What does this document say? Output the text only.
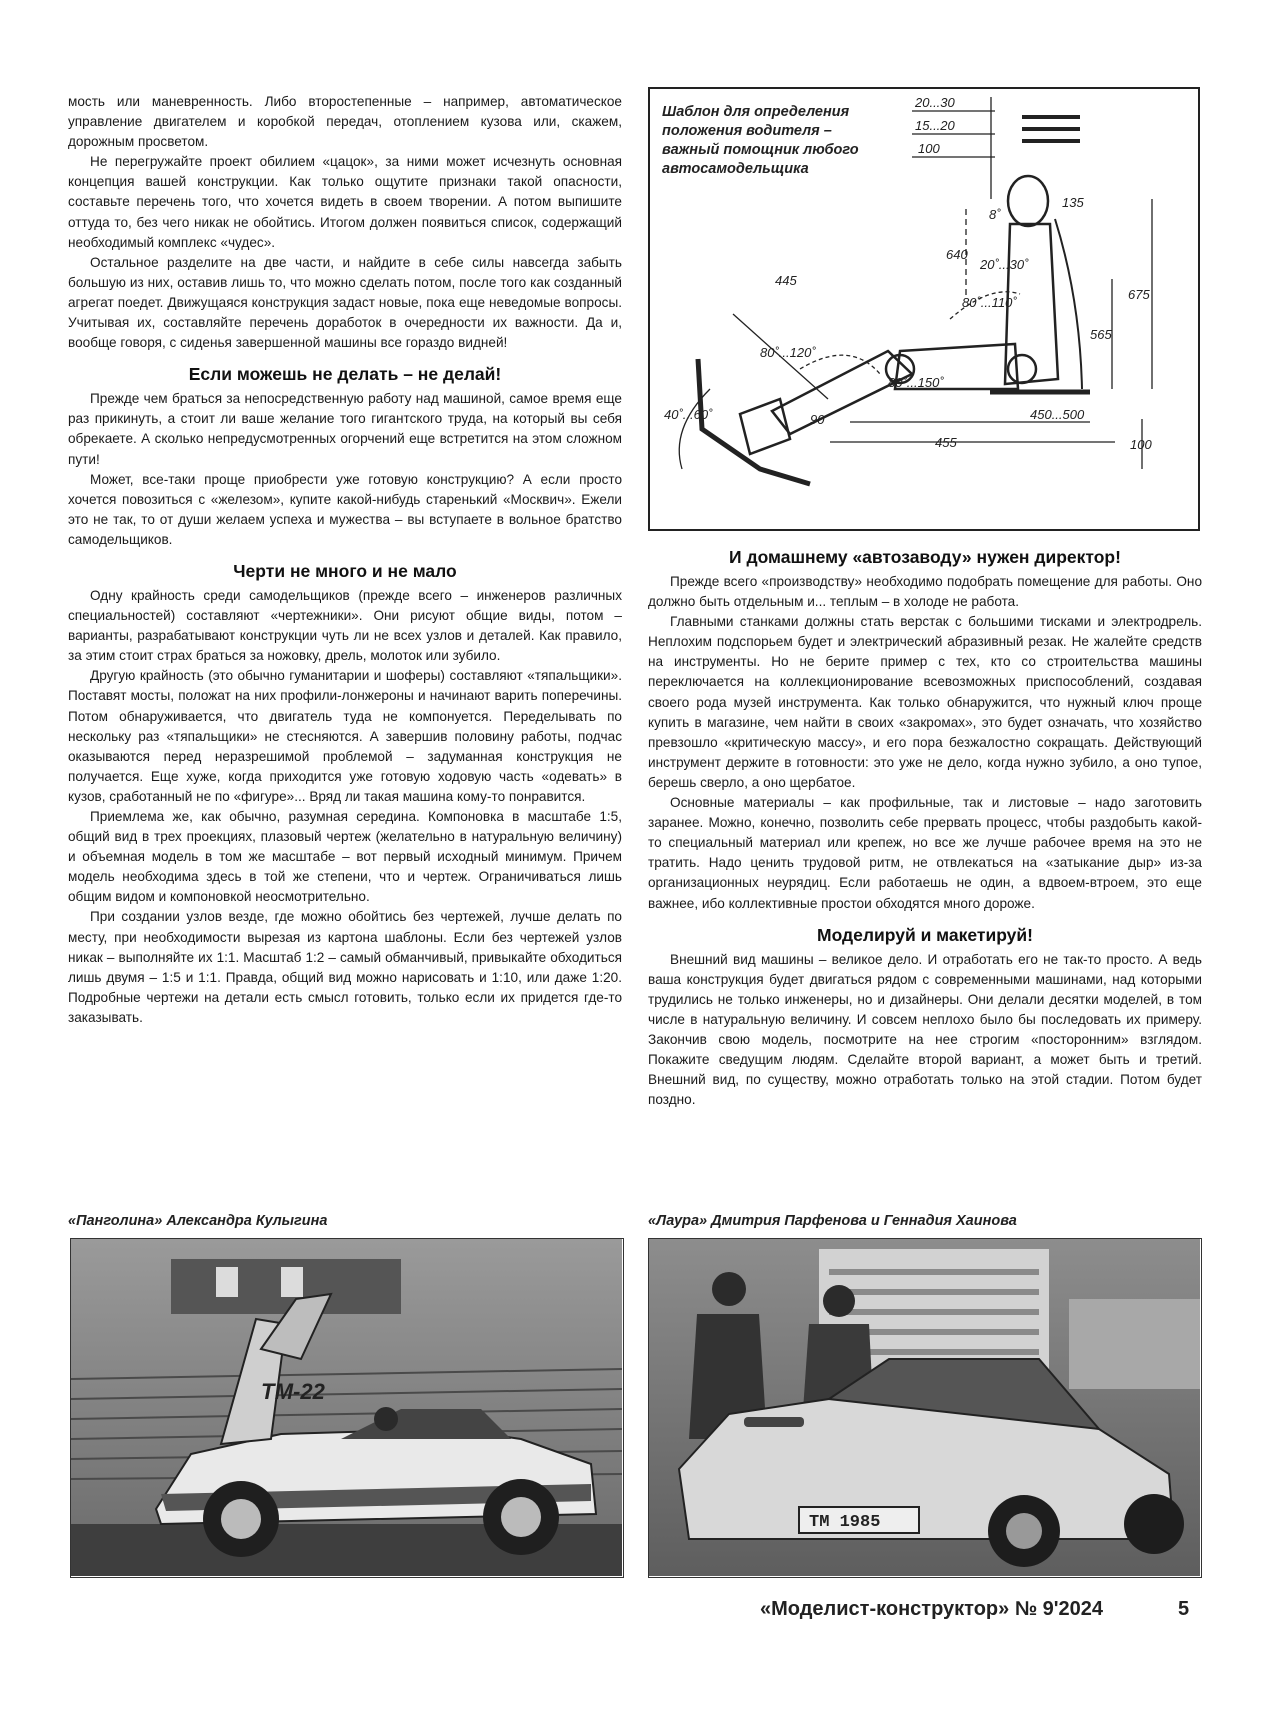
мость или маневренность. Либо второстепенные – например, автоматическое управление двигателем и коробкой передач, отоплением кузова или, скажем, дорожным просветом.

Не перегружайте проект обилием «цацок», за ними может исчезнуть основная концепция вашей конструкции. Как только ощутите признаки такой опасности, составьте перечень того, что хочется видеть в своем творении. А потом выпишите оттуда то, без чего никак не обойтись. Итогом должен появиться список, содержащий необходимый комплекс «чудес».

Остальное разделите на две части, и найдите в себе силы навсегда забыть большую из них, оставив лишь то, что можно сделать потом, после того как созданный агрегат поедет. Движущаяся конструкция задаст новые, пока еще неведомые вопросы. Учитывая их, составляйте перечень доработок в очередности их важности. Да и, вообще говоря, с сиденья завершенной машины все гораздо видней!

Если можешь не делать – не делай!

Прежде чем браться за непосредственную работу над машиной, самое время еще раз прикинуть, а стоит ли ваше желание того гигантского труда, на который вы себя обрекаете. А сколько непредусмотренных огорчений еще встретится на этом сложном пути!

Может, все-таки проще приобрести уже готовую конструкцию? А если просто хочется повозиться с «железом», купите какой-нибудь старенький «Москвич». Ежели это не так, то от души желаем успеха и мужества – вы вступаете в вольное братство самодельщиков.

Черти не много и не мало

Одну крайность среди самодельщиков (прежде всего – инженеров различных специальностей) составляют «чертежники». Они рисуют общие виды, потом – варианты, разрабатывают конструкции чуть ли не всех узлов и деталей. Как правило, за этим стоит страх браться за ножовку, дрель, молоток или зубило.

Другую крайность (это обычно гуманитарии и шоферы) составляют «тяпальщики». Поставят мосты, положат на них профили-лонжероны и начинают варить поперечины. Потом обнаруживается, что двигатель туда не компонуется. Переделывать по нескольку раз «тяпальщики» не стесняются. А завершив половину работы, подчас оказываются перед неразрешимой проблемой – задуманная конструкция не получается. Еще хуже, когда приходится уже готовую ходовую часть «одевать» в кузов, сработанный не по «фигуре»... Вряд ли такая машина кому-то понравится.

Приемлема же, как обычно, разумная середина. Компоновка в масштабе 1:5, общий вид в трех проекциях, плазовый чертеж (желательно в натуральную величину) и объемная модель в том же масштабе – вот первый исходный минимум. Причем модель необходима здесь в той же степени, что и чертеж. Ограничиваться лишь общим видом и компоновкой неосмотрительно.

При создании узлов везде, где можно обойтись без чертежей, лучше делать по месту, при необходимости вырезая из картона шаблоны. Если без чертежей узлов никак – выполняйте их 1:1. Масштаб 1:2 – самый обманчивый, привыкайте обходиться лишь двумя – 1:5 и 1:1. Правда, общий вид можно нарисовать и 1:10, или даже 1:20. Подробные чертежи на детали есть смысл готовить, только если их придется где-то заказывать.

20...30
15...20
100
135
8˚
640
20˚...30˚
80˚...110˚
675
445
565
80˚...120˚
80˚...150˚
40˚...60˚	90	450...500
455	100
Шаблон для определения положения водителя – важный помощник любого автосамодельщика
И домашнему «автозаводу» нужен директор!

Прежде всего «производству» необходимо подобрать помещение для работы. Оно должно быть отдельным и... теплым – в холоде не работа.

Главными станками должны стать верстак с большими тисками и электродрель. Неплохим подспорьем будет и электрический абразивный резак. Не жалейте средств на инструменты. Но не берите пример с тех, кто со строительства машины переключается на коллекционирование всевозможных приспособлений, создавая своего рода музей инструмента. Как только обнаружится, что нужный ключ проще купить в магазине, чем найти в своих «закромах», это будет означать, что хозяйство превзошло «критическую массу», и его пора безжалостно сокращать. Действующий инструмент держите в готовности: это уже не дело, когда нужно зубило, а оно тупое, берешь сверло, а оно щербатое.

Основные материалы – как профильные, так и листовые – надо заготовить заранее. Можно, конечно, позволить себе прервать процесс, чтобы раздобыть какой-то специальный материал или крепеж, но все же лучше рабочее время на это не тратить. Надо ценить трудовой ритм, не отвлекаться на «затыкание дыр» из-за организационных неурядиц. Если работаешь не один, а вдвоем-втроем, это еще важнее, ибо коллективные простои обходятся много дороже.

Моделируй и макетируй!

Внешний вид машины – великое дело. И отработать его не так-то просто. А ведь ваша конструкция будет двигаться рядом с современными машинами, над которыми трудились не только инженеры, но и дизайнеры. Они делали десятки моделей, в том числе в натуральную величину. И совсем неплохо было бы последовать их примеру. Закончив свою модель, посмотрите на нее строгим «посторонним» взглядом. Покажите сведущим людям. Сделайте второй вариант, а может быть и третий. Внешний вид, по существу, можно отработать только на этой стадии. Потом будет поздно.

«Панголина» Александра Кулыгина	«Лаура» Дмитрия Парфенова и Геннадия Хаинова
ТМ-22
ТМ 1985
«Моделист-конструктор» № 9'2024	5
